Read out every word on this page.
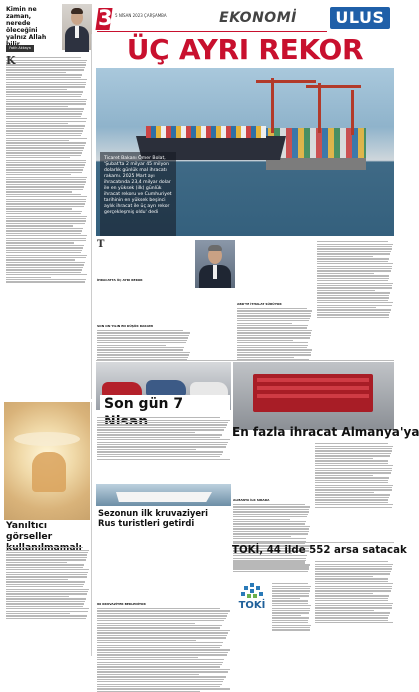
3 5 NİSAN 2023 ÇARŞAMBA	EKONOMİ	ULUS
Kimin ne
zaman,
nerede öleceğini
yalnız Allah
Fatih Akkaya
K	ÜÇ AYRI REKOR
Ticaret Bakanı Ömer Bolat, 'Şubat'ta 2 milyar 45 milyon dolarlık günlük mal ihracatı rakamı. 2025 Mart ayı ihracatında 23,4 milyar dolar ile en yüksek (ilk) günlük ihracat rekoru ve Cumhuriyet tarihinin en yüksek beşinci aylık ihracat ile üç ayrı rekor gerçekleşmiş oldu' dedi
T
İHRACATTA ÜÇ AYRI REKOR
SON ON YILIN EN DÜŞÜK RAKAMI
ABD'YE İTHALAT SÜRÜYOR
Son gün 7
En fazla ihracat Almanya'ya
ALMANYA İLK SIRADA
Sezonun ilk kruvaziyeri
Rus turistleri getirdi
80 KRUVAZİYER BEKLENİYOR
TOKİ, 44 ilde 552 arsa satacak
TOKİ
Yanıltıcı görseller
